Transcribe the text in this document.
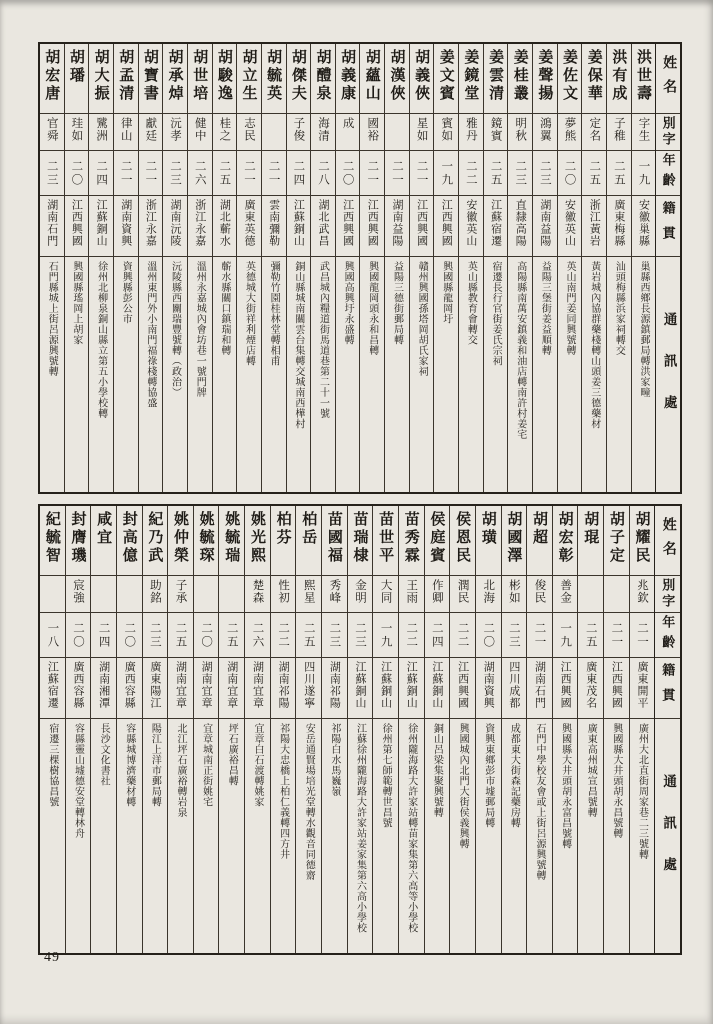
姓名
別字
年齡
籍貫
通訊處
洪世壽
字生
一九
安徽巢縣
巢縣西鄉長源鎮郵局轉洪家疃
洪有成
子稚
二五
廣東梅縣
汕頭梅縣浜家祠轉交
姜保華
定名
二五
浙江黃岩
黃岩城內協群藥棧轉山頭姜三德藥材
姜佐文
夢熊
二〇
安徽英山
英山南門姜同興號轉
姜聲揚
鴻翼
二三
湖南益陽
益陽三堡街姜益順轉
姜桂叢
明秋
二三
直隸高陽
高陽縣南萬安鎮義和油店轉南許村姜宅
姜雲清
鏡賓
二五
江蘇宿遷
宿遷長行官街姜氏宗祠
姜鏡堂
雅丹
二二
安徽英山
英山縣教育會轉交
姜文賓
賓如
一九
江西興國
興國縣龍岡圩
胡義俠
星如
二一
江西興國
贛州興國孫塔岡胡氏家祠
胡漢俠
二一
湖南益陽
益陽三德街郵局轉
胡蘊山
國裕
二一
江西興國
興國龍岡頭永和昌轉
胡義康
成
二〇
江西興國
興國高興圩永盛轉
胡醴泉
海清
二八
湖北武昌
武昌城內糧道街馬道巷第二十一號
胡傑夫
子俊
二四
江蘇銅山
銅山縣城南關雲台集轉交城南西樺村
胡毓英
二一
雲南彌勒
彌勒竹園桂林堂轉相甫
胡立生
志民
二一
廣東英德
英德城大街祥利煙店轉
胡駿逸
桂之
二五
湖北蘄水
蘄水縣關口鎮瑞和轉
胡世培
健中
二六
浙江永嘉
溫州永嘉城內會坊巷一號門牌
胡承焯
沅孝
二三
湖南沅陵
沅陵縣西關瑞豐號轉（政治）
胡寶書
獻廷
二一
浙江永嘉
溫州東門外小南門福祿棧轉協盛
胡孟清
律山
二一
湖南資興
資興縣彭公市
胡大振
騭洲
二四
江蘇銅山
徐州北柳泉銅山縣立第五小學校轉
胡璠
珪如
二〇
江西興國
興國縣瑤岡上胡家
胡宏唐
官舜
二三
湖南石門
石門縣城上街呂源興號轉
姓名
別字
年齡
籍貫
通訊處
胡耀民
兆欽
二一
廣東開平
廣州大北直街周家巷二三號轉
胡子定
二一
江西興國
興國縣大井頭胡永昌號轉
胡琨
二五
廣東茂名
廣東高州城宣昌號轉
胡宏彰
善金
一九
江西興國
興國縣大井頭胡永富昌號轉
胡超
俊民
二一
湖南石門
石門中學校友會或上街呂源興號轉
胡國澤
彬如
二三
四川成都
成都東大街森記藥房轉
胡璜
北海
二〇
湖南資興
資興東鄉彭市墟郵局轉
侯恩民
潤民
二二
江西興國
興國城內北門大街侯義興轉
侯庭賓
作卿
二四
江蘇銅山
銅山呂梁集聚興號轉
苗秀霖
王雨
二二
江蘇銅山
徐州隴海路大許家站轉苗家集第六高等小學校
苗世平
大同
一九
江蘇銅山
徐州第七師範轉世昌號
苗瑞棣
金明
二三
江蘇銅山
江蘇徐州隴海路大許家站姜家集第六高小學校
苗國福
秀峰
二三
湖南祁陽
祁陽白水馬巍嶺
柏岳
熙星
二五
四川遂寧
安岳通賢場培光堂轉水觀音同德齋
柏芬
性初
二二
湖南祁陽
祁陽大忠橋上柏仁義轉四方井
姚光熙
楚森
二六
湖南宜章
宜章白石渡轉姚家
姚毓瑞
二五
湖南宜章
坪石廣裕昌轉
姚毓琛
二〇
湖南宜章
宜章城南正街姚宅
姚仲榮
子承
二五
湖南宜章
北江坪石廣裕轉岩泉
紀乃武
助銘
二三
廣東陽江
陽江上洋市郵局轉
封高億
二〇
廣西容縣
容縣城博濟藥材轉
咸宜
二四
湖南湘潭
長沙文化書社
封膺璣
宸強
二〇
廣西容縣
容縣靈山墟德安堂轉林舟
紀毓智
一八
江蘇宿遷
宿遷三棵樹協昌號
49
